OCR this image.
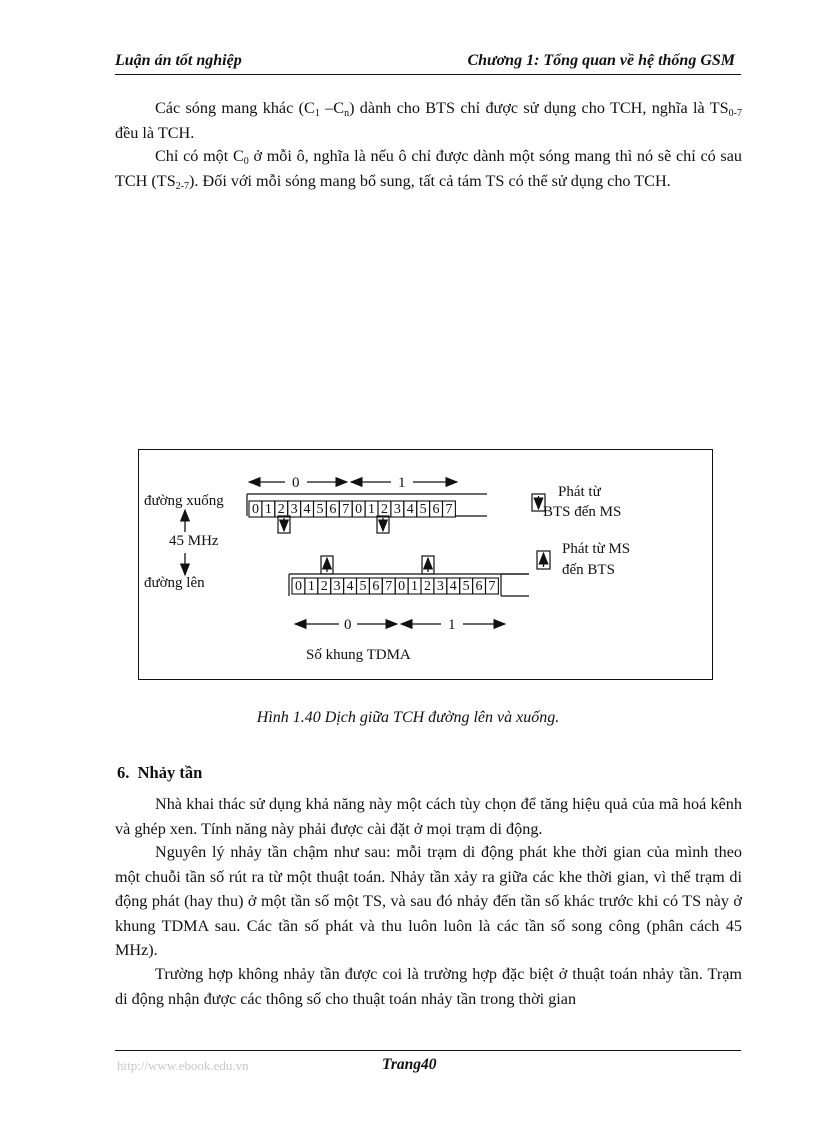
Luận án tốt nghiệp	Chương 1: Tổng quan về hệ thống GSM

Các sóng mang khác ($C_1$ $-C_n$) dành cho BTS chỉ được sử dụng cho TCH, nghĩa là $TS_{0-7}$ đều là TCH.

Chỉ có một $C_0$ ở mỗi ô, nghĩa là nếu ô chỉ được dành một sóng mang thì nó sẽ chỉ có sau TCH $(TS_{2-7})$. Đối với mỗi sóng mang bổ sung, tất cả tám TS có thể sử dụng cho TCH.

0	1
đường xuống
45 MHz
đường lên
0 1 2 3 4 5 6 7 0 1 2 3 4 5 6 7
0 1 2 3 4 5 6 7 0 1 2 3 4 5 6 7
0	1
Số khung TDMA
Phát từ
BTS đến MS
Phát từ MS
đến BTS
Hình 1.40 Dịch giữa TCH đường lên và xuống.
6. Nhảy tần

Nhà khai thác sử dụng khả năng này một cách tùy chọn để tăng hiệu quả của mã hoá kênh và ghép xen. Tính năng này phải được cài đặt ở mọi trạm di động.

Nguyên lý nhảy tần chậm như sau: mỗi trạm di động phát khe thời gian của mình theo một chuỗi tần số rút ra từ một thuật toán. Nhảy tần xảy ra giữa các khe thời gian, vì thế trạm di động phát (hay thu) ở một tần số một TS, và sau đó nhảy đến tần số khác trước khi có TS này ở khung TDMA sau. Các tần số phát và thu luôn luôn là các tần số song công (phân cách 45 MHz).

Trường hợp không nhảy tần được coi là trường hợp đặc biệt ở thuật toán nhảy tần. Trạm di động nhận được các thông số cho thuật toán nhảy tần trong thời gian

http://www.ebook.edu.vn	Trang40
